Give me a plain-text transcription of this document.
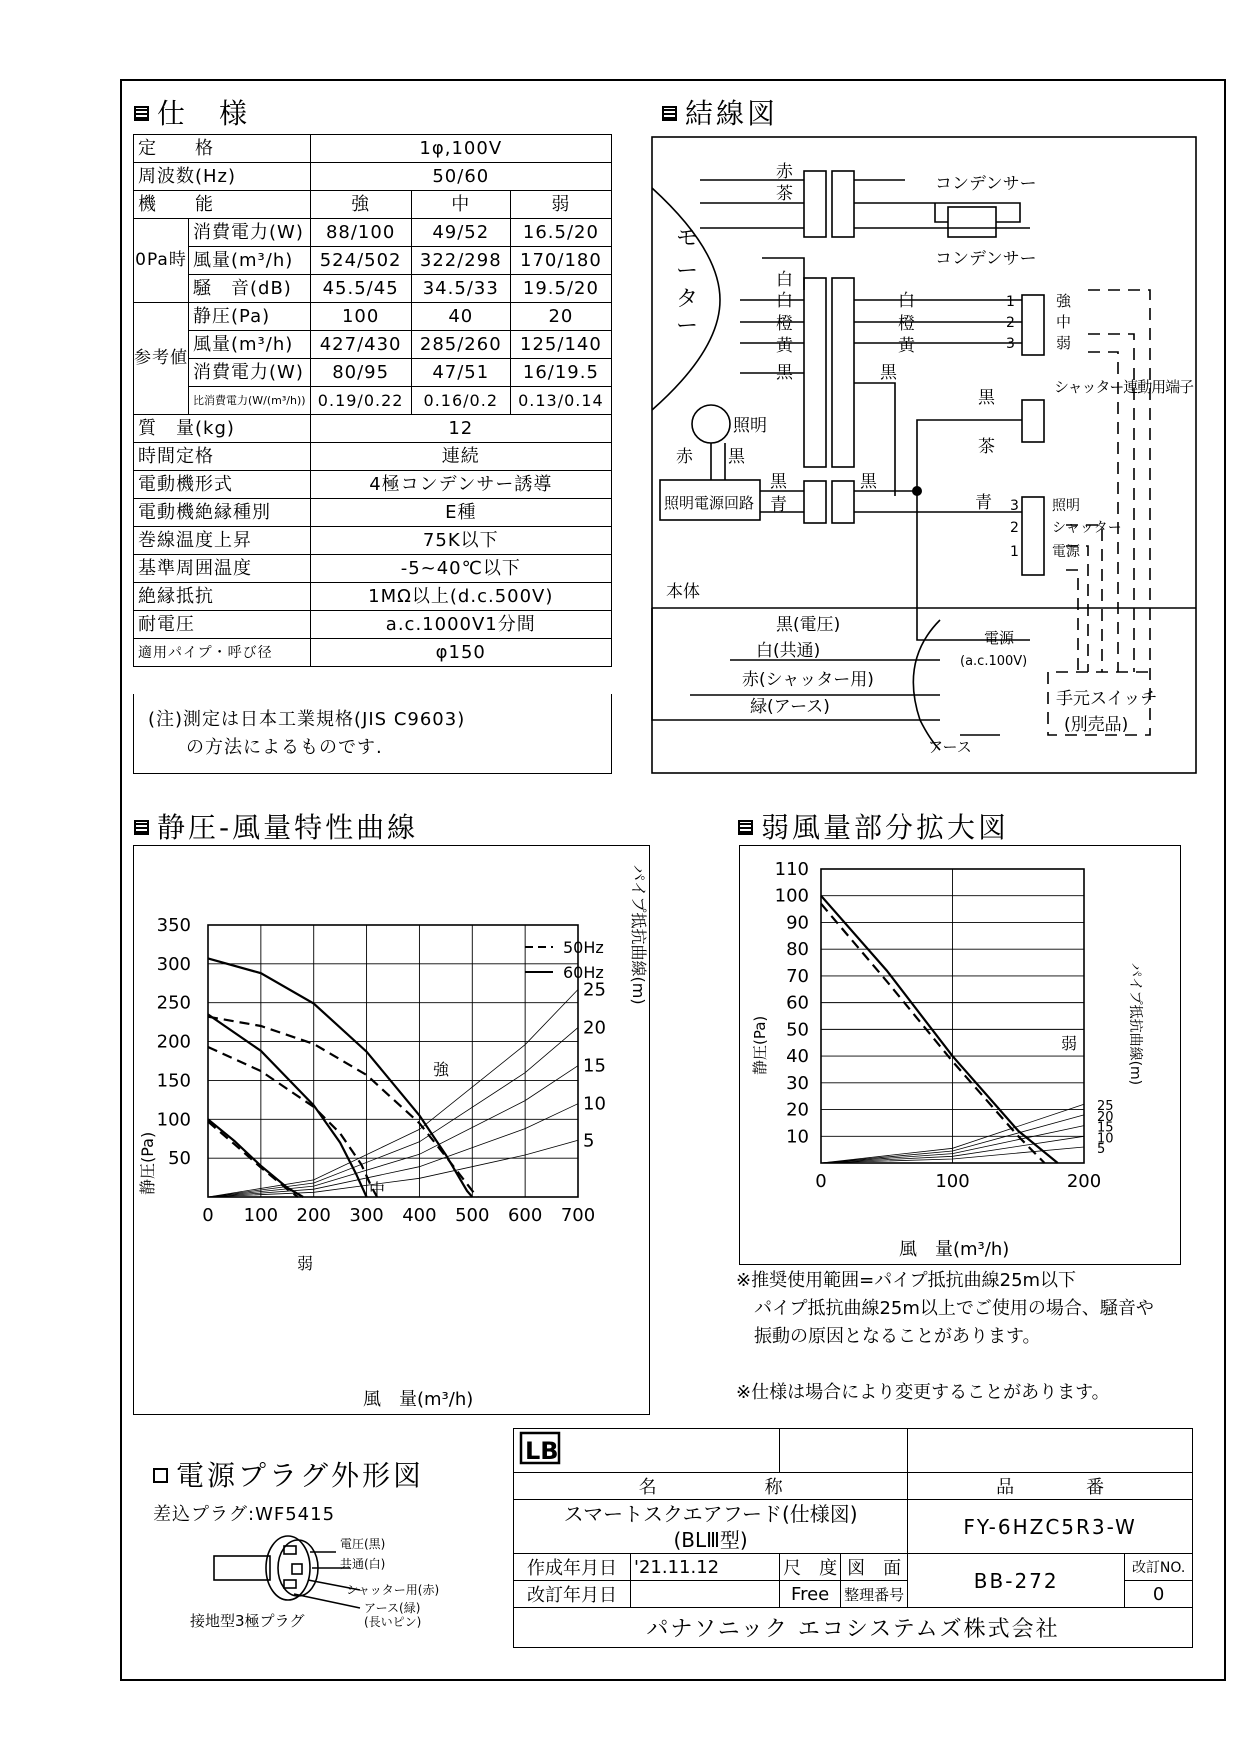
仕　様
定　　格		1φ,100V		
周波数(Hz)		50/60		
機　　能		強	中	弱
0Pa時	消費電力(W)	88/100	49/52	16.5/20
	風量(m³/h)	524/502	322/298	170/180
	騒　音(dB)	45.5/45	34.5/33	19.5/20
参考値	静圧(Pa)	100	40	20
	風量(m³/h)	427/430	285/260	125/140
	消費電力(W)	80/95	47/51	16/19.5
	比消費電力(W/(m³/h))	0.19/0.22	0.16/0.2	0.13/0.14
質　量(kg)		12		
時間定格		連続		
電動機形式		4極コンデンサー誘導		
電動機絶縁種別		E種		
巻線温度上昇		75K以下		
基準周囲温度		-5~40℃以下		
絶縁抵抗		1MΩ以上(d.c.500V)		
耐電圧		a.c.1000V1分間		
適用パイプ・呼び径		φ150		
(注)測定は日本工業規格(JIS C9603)
　　の方法によるものです.
結線図
コンデンサー
コンデンサー
モ
ー
タ
ー
赤
茶
白
白
橙
黄
黒
白
橙
黄
黒
照明
赤 黒
照明電源回路
黒
青
黒
1
2
3
強
中
弱
シャッター連動用端子
黒
茶
3
2
1
照明
シャッター
電源
青
本体
黒(電圧)
白(共通)
赤(シャッター用)
緑(アース)
電源
(a.c.100V)
アース
手元スイッチ
(別売品)
静圧-風量特性曲線	弱風量部分拡大図
静圧(Pa)
風　量(m³/h)
パイプ抵抗曲線(m)
50Hz
60Hz
強
中
弱
0 100 200 300 400 500 600 700
50
100
150
200
250
300
350
5
10
15
20
25
静圧(Pa)
風　量(m³/h)
パイプ抵抗曲線(m)
弱
0	100	200
10
20
30
40
50
60
70
80
90
100
110
5
10
15
20
25
※推奨使用範囲=パイプ抵抗曲線25m以下
　パイプ抵抗曲線25m以上でご使用の場合、騒音や
　振動の原因となることがあります。

※仕様は場合により変更することがあります。
電源プラグ外形図
差込プラグ:WF5415
電圧(黒)
共通(白)
シャッター用(赤)
アース(緑)
(長いピン)
接地型3極プラグ
LB					

名　　　　　　称				品　　　　番	

スマートスクエアフード(仕様図)
(BLⅢ型)				FY-6HZC5R3-W	
作成年月日	'21.11.12	尺　度	図　面	BB-272	改訂NO.
改訂年月日		Free	整理番号		0
パナソニック エコシステムズ株式会社					
